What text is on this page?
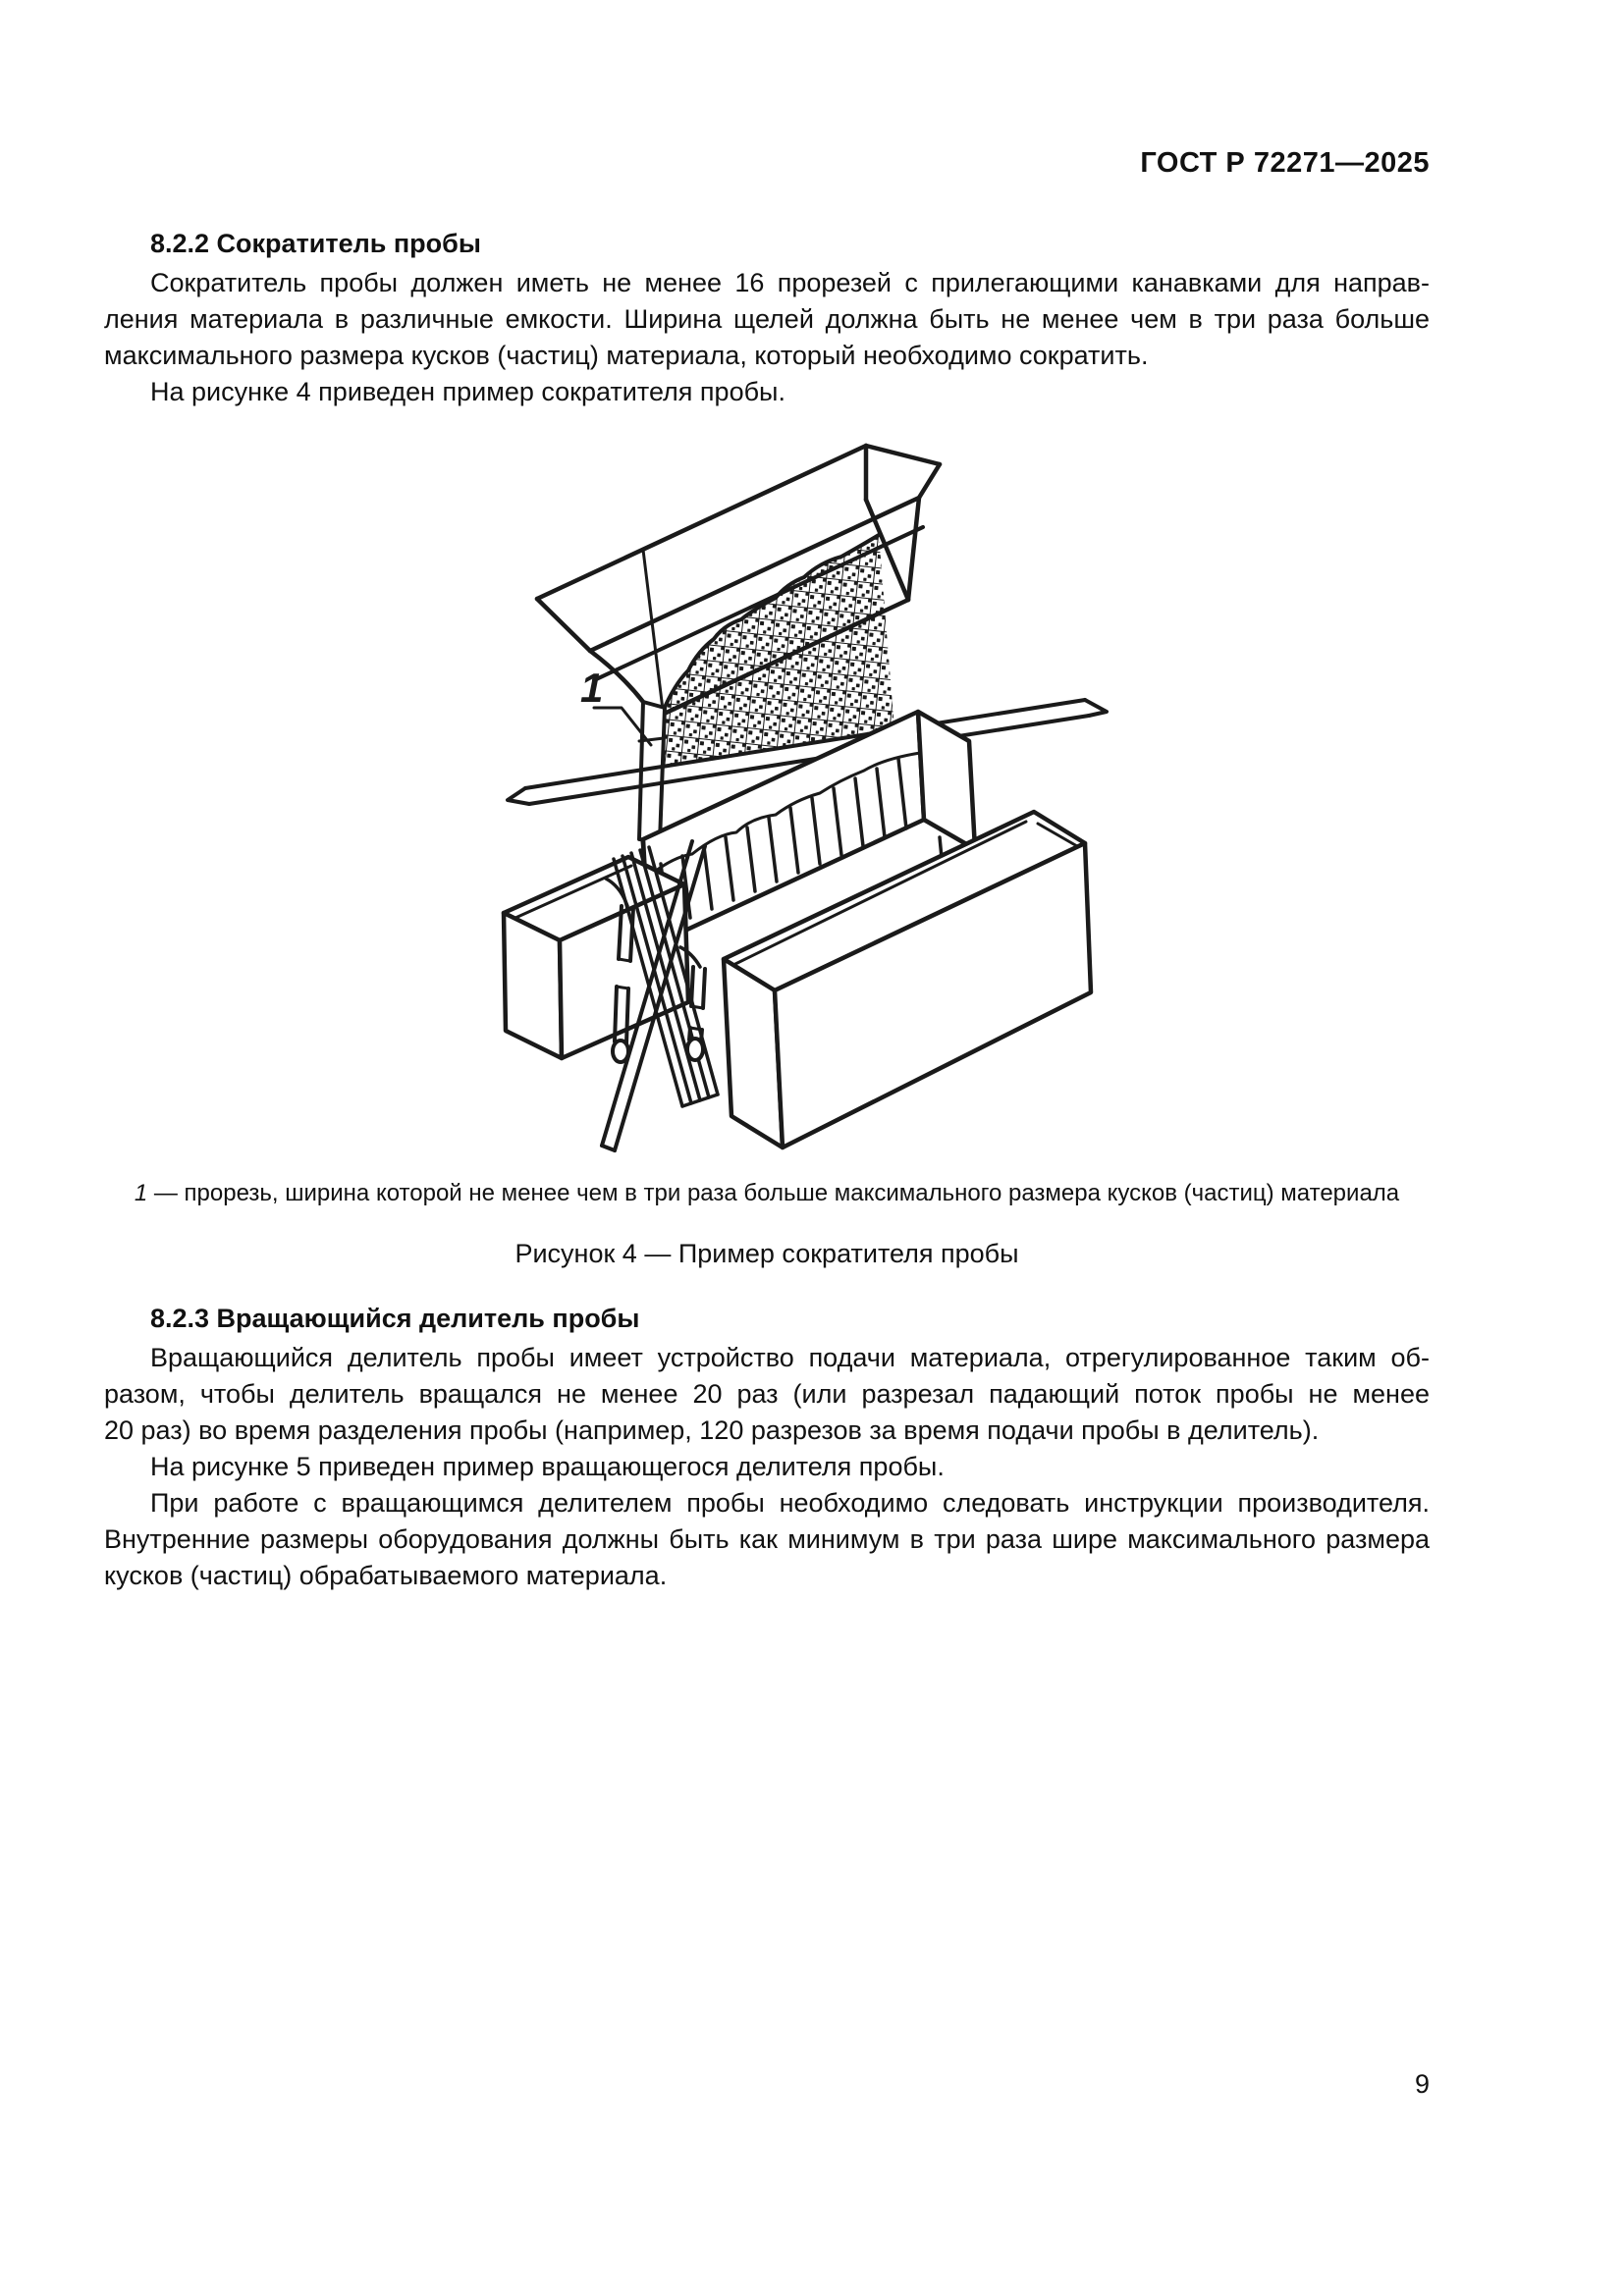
ГОСТ Р 72271—2025
8.2.2 Сократитель пробы
Сократитель пробы должен иметь не менее 16 прорезей с прилегающими канавками для направ-
ления материала в различные емкости. Ширина щелей должна быть не менее чем в три раза больше
максимального размера кусков (частиц) материала, который необходимо сократить.
На рисунке 4 приведен пример сократителя пробы.
1
1 — прорезь, ширина которой не менее чем в три раза больше максимального размера кусков (частиц) материала
Рисунок 4 — Пример сократителя пробы
8.2.3 Вращающийся делитель пробы
Вращающийся делитель пробы имеет устройство подачи материала, отрегулированное таким об-
разом, чтобы делитель вращался не менее 20 раз (или разрезал падающий поток пробы не менее
20 раз) во время разделения пробы (например, 120 разрезов за время подачи пробы в делитель).
На рисунке 5 приведен пример вращающегося делителя пробы.
При работе с вращающимся делителем пробы необходимо следовать инструкции производителя.
Внутренние размеры оборудования должны быть как минимум в три раза шире максимального размера
кусков (частиц) обрабатываемого материала.
9
